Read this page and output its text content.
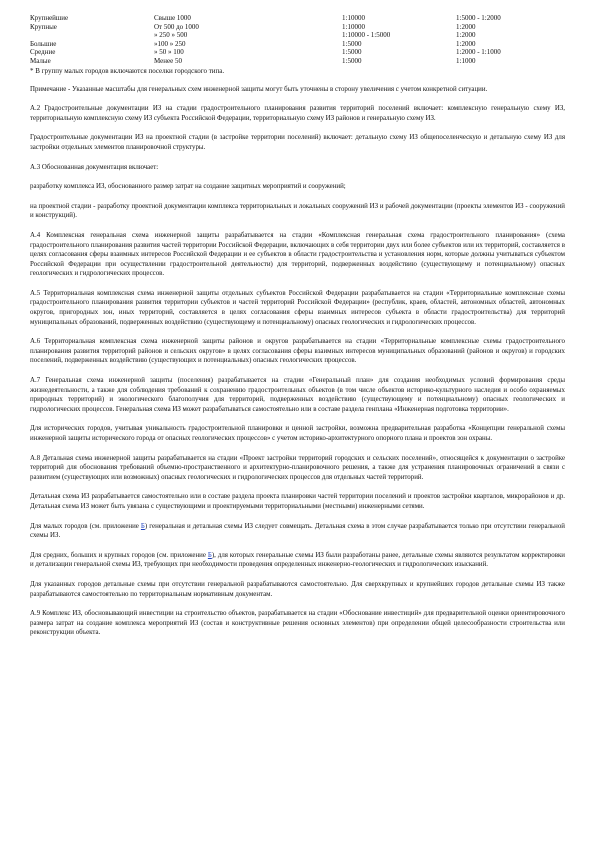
Крупнейшие	Свыше 1000	1:10000	1:5000 - 1:2000
Крупные	От 500 до 1000	1:10000	1:2000
	» 250 » 500	1:10000 - 1:5000	1:2000
Большие	»100 » 250	1:5000	1:2000
Средние	» 50 » 100	1:5000	1:2000 - 1:1000
Малые	Менее 50	1:5000	1:1000
* В группу малых городов включаются поселки городского типа.

Примечание - Указанные масштабы для генеральных схем инженерной защиты могут быть уточнены в сторону увеличения с учетом конкретной ситуации.

А.2 Градостроительные документации ИЗ на стадии градостроительного планирования развития территорий поселений включает: комплексную генеральную схему ИЗ, территориальную комплексную схему ИЗ субъекта Российской Федерации, территориальную схему ИЗ районов и генеральную схему ИЗ.

Градостроительные документации ИЗ на проектной стадии (в застройке территории поселений) включает: детальную схему ИЗ общепоселенческую и детальную схему ИЗ для застройки отдельных элементов планировочной структуры.

А.3 Обоснованная документация включает:

разработку комплекса ИЗ, обоснованного размер затрат на создание защитных мероприятий и сооружений;

на проектной стадии - разработку проектной документации комплекса территориальных и локальных сооружений ИЗ и рабочей документации (проекты элементов ИЗ - сооружений и конструкций).

А.4 Комплексная генеральная схема инженерной защиты разрабатывается на стадии «Комплексная генеральная схема градостроительного планирования» (схема градостроительного планирования развития частей территории Российской Федерации, включающих в себя территории двух или более субъектов или их территорий, составляется в целях согласования сферы взаимных интересов Российской Федерации и ее субъектов в области градостроительства и установления норм, которые должны учитываться субъектом Российской Федерации при осуществлении градостроительной деятельности) для территорий, подверженных воздействию (существующему и потенциальному) опасных геологических и гидрологических процессов.

А.5 Территориальная комплексная схема инженерной защиты отдельных субъектов Российской Федерации разрабатывается на стадии «Территориальные комплексные схемы градостроительного планирования развития территории субъектов и частей территорий Российской Федерации» (республик, краев, областей, автономных областей, автономных округов, пригородных зон, иных территорий, составляется в целях согласования сферы взаимных интересов субъекта в области градостроительства) для территорий муниципальных образований, подверженных воздействию (существующему и потенциальному) опасных геологических и гидрологических процессов.

А.6 Территориальная комплексная схема инженерной защиты районов и округов разрабатывается на стадии «Территориальные комплексные схемы градостроительного планирования развития территорий районов и сельских округов» в целях согласования сферы взаимных интересов муниципальных образований (районов и округов) и городских поселений, подверженных воздействию (существующих и потенциальных) опасных геологических процессов.

А.7 Генеральная схема инженерной защиты (поселения) разрабатывается на стадии «Генеральный план» для создания необходимых условий формирования среды жизнедеятельности, а также для соблюдения требований к сохранению градостроительных объектов (в том числе объектов историко-культурного наследия и особо охраняемых природных территорий) и экологического благополучия для территорий, подверженных воздействию (существующему и потенциальному) опасных геологических и гидрологических процессов. Генеральная схема ИЗ может разрабатываться самостоятельно или в составе раздела генплана «Инженерная подготовка территории».

Для исторических городов, учитывая уникальность градостроительной планировки и ценной застройки, возможна предварительная разработка «Концепции генеральной схемы инженерной защиты исторического города от опасных геологических процессов» с учетом историко-архитектурного опорного плана и проектов зон охраны.

А.8 Детальная схема инженерной защиты разрабатывается на стадии «Проект застройки территорий городских и сельских поселений», относящейся к документации о застройке территорий для обоснования требований объемно-пространственного и архитектурно-планировочного решения, а также для устранения планировочных ограничений в связи с развитием (существующих или возможных) опасных геологических и гидрологических процессов для отдельных частей территорий.

Детальная схема ИЗ разрабатывается самостоятельно или в составе раздела проекта планировки частей территории поселений и проектов застройки кварталов, микрорайонов и др. Детальная схема ИЗ может быть увязана с существующими и проектируемыми территориальными (местными) инженерными сетями.

Для малых городов (см. приложение Б) генеральная и детальная схемы ИЗ следует совмещать. Детальная схема в этом случае разрабатывается только при отсутствии генеральной схемы ИЗ.

Для средних, больших и крупных городов (см. приложение Б), для которых генеральные схемы ИЗ были разработаны ранее, детальные схемы являются результатом корректировки и детализации генеральной схемы ИЗ, требующих при необходимости проведения определенных инженерно-геологических и гидрологических изысканий.

Для указанных городов детальные схемы при отсутствии генеральной разрабатываются самостоятельно. Для сверхкрупных и крупнейших городов детальные схемы ИЗ также разрабатываются самостоятельно по территориальным нормативным документам.

А.9 Комплекс ИЗ, обосновывающий инвестиции на строительство объектов, разрабатывается на стадии «Обоснование инвестиций» для предварительной оценки ориентировочного размера затрат на создание комплекса мероприятий ИЗ (состав и конструктивные решения основных элементов) при определении общей целесообразности строительства или реконструкции объекта.
